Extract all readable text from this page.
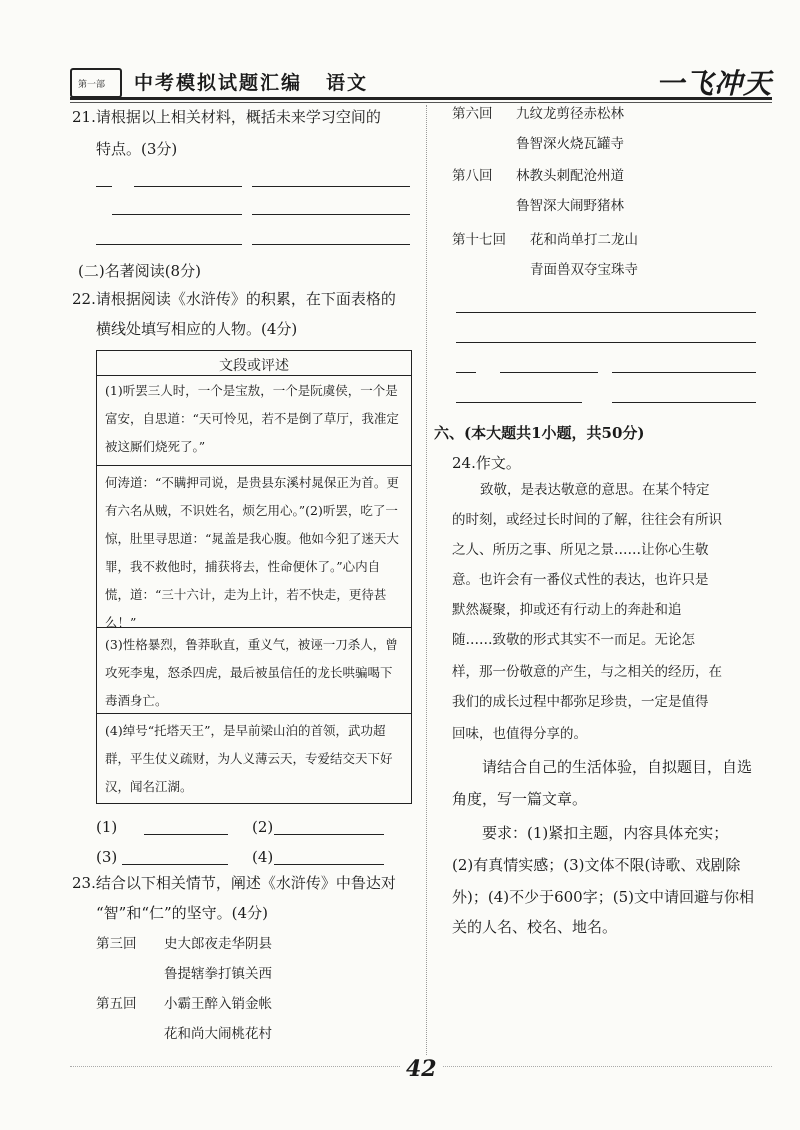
第一部 中考模拟试题汇编 语文	一飞冲天
21.请根据以上相关材料，概括未来学习空间的
特点。(3分)
(二)名著阅读(8分)
22.请根据阅读《水浒传》的积累，在下面表格的
横线处填写相应的人物。(4分)
文段或评述
(1)听罢三人时，一个是宝敖，一个是阮虞侯，一个是富安，自思道：“天可怜见，若不是倒了草厅，我准定被这厮们烧死了。”
何涛道：“不瞒押司说，是贵县东溪村晁保正为首。更有六名从贼，不识姓名，烦乞用心。”(2)听罢，吃了一惊，肚里寻思道：“晁盖是我心腹。他如今犯了迷天大罪，我不救他时，捕获将去，性命便休了。”心内自慌，道：“三十六计，走为上计，若不快走，更待甚么！”
(3)性格暴烈，鲁莽耿直，重义气，被诬一刀杀人，曾攻死李鬼，怒杀四虎，最后被虽信任的龙长哄骗喝下毒酒身亡。
(4)绰号“托塔天王”，是早前梁山泊的首领，武功超群，平生仗义疏财，为人义薄云天，专爱结交天下好汉，闻名江湖。
(1)	(2)
(3)	(4)
23.结合以下相关情节，阐述《水浒传》中鲁达对
“智”和“仁”的坚守。(4分)
第三回 史大郎夜走华阴县
鲁提辖拳打镇关西
第五回 小霸王醉入销金帐
花和尚大闹桃花村
第六回 九纹龙剪径赤松林
鲁智深火烧瓦罐寺
第八回 林教头刺配沧州道
鲁智深大闹野猪林
第十七回 花和尚单打二龙山
青面兽双夺宝珠寺
六、(本大题共1小题，共50分)
24.作文。
致敬，是表达敬意的意思。在某个特定
的时刻，或经过长时间的了解，往往会有所识
之人、所历之事、所见之景……让你心生敬
意。也许会有一番仪式性的表达，也许只是
默然凝聚，抑或还有行动上的奔赴和追
随……致敬的形式其实不一而足。无论怎
样，那一份敬意的产生，与之相关的经历，在
我们的成长过程中都弥足珍贵，一定是值得
回味，也值得分享的。
请结合自己的生活体验，自拟题目，自选
角度，写一篇文章。
要求：(1)紧扣主题，内容具体充实；
(2)有真情实感；(3)文体不限(诗歌、戏剧除
外)；(4)不少于600字；(5)文中请回避与你相
关的人名、校名、地名。
42
